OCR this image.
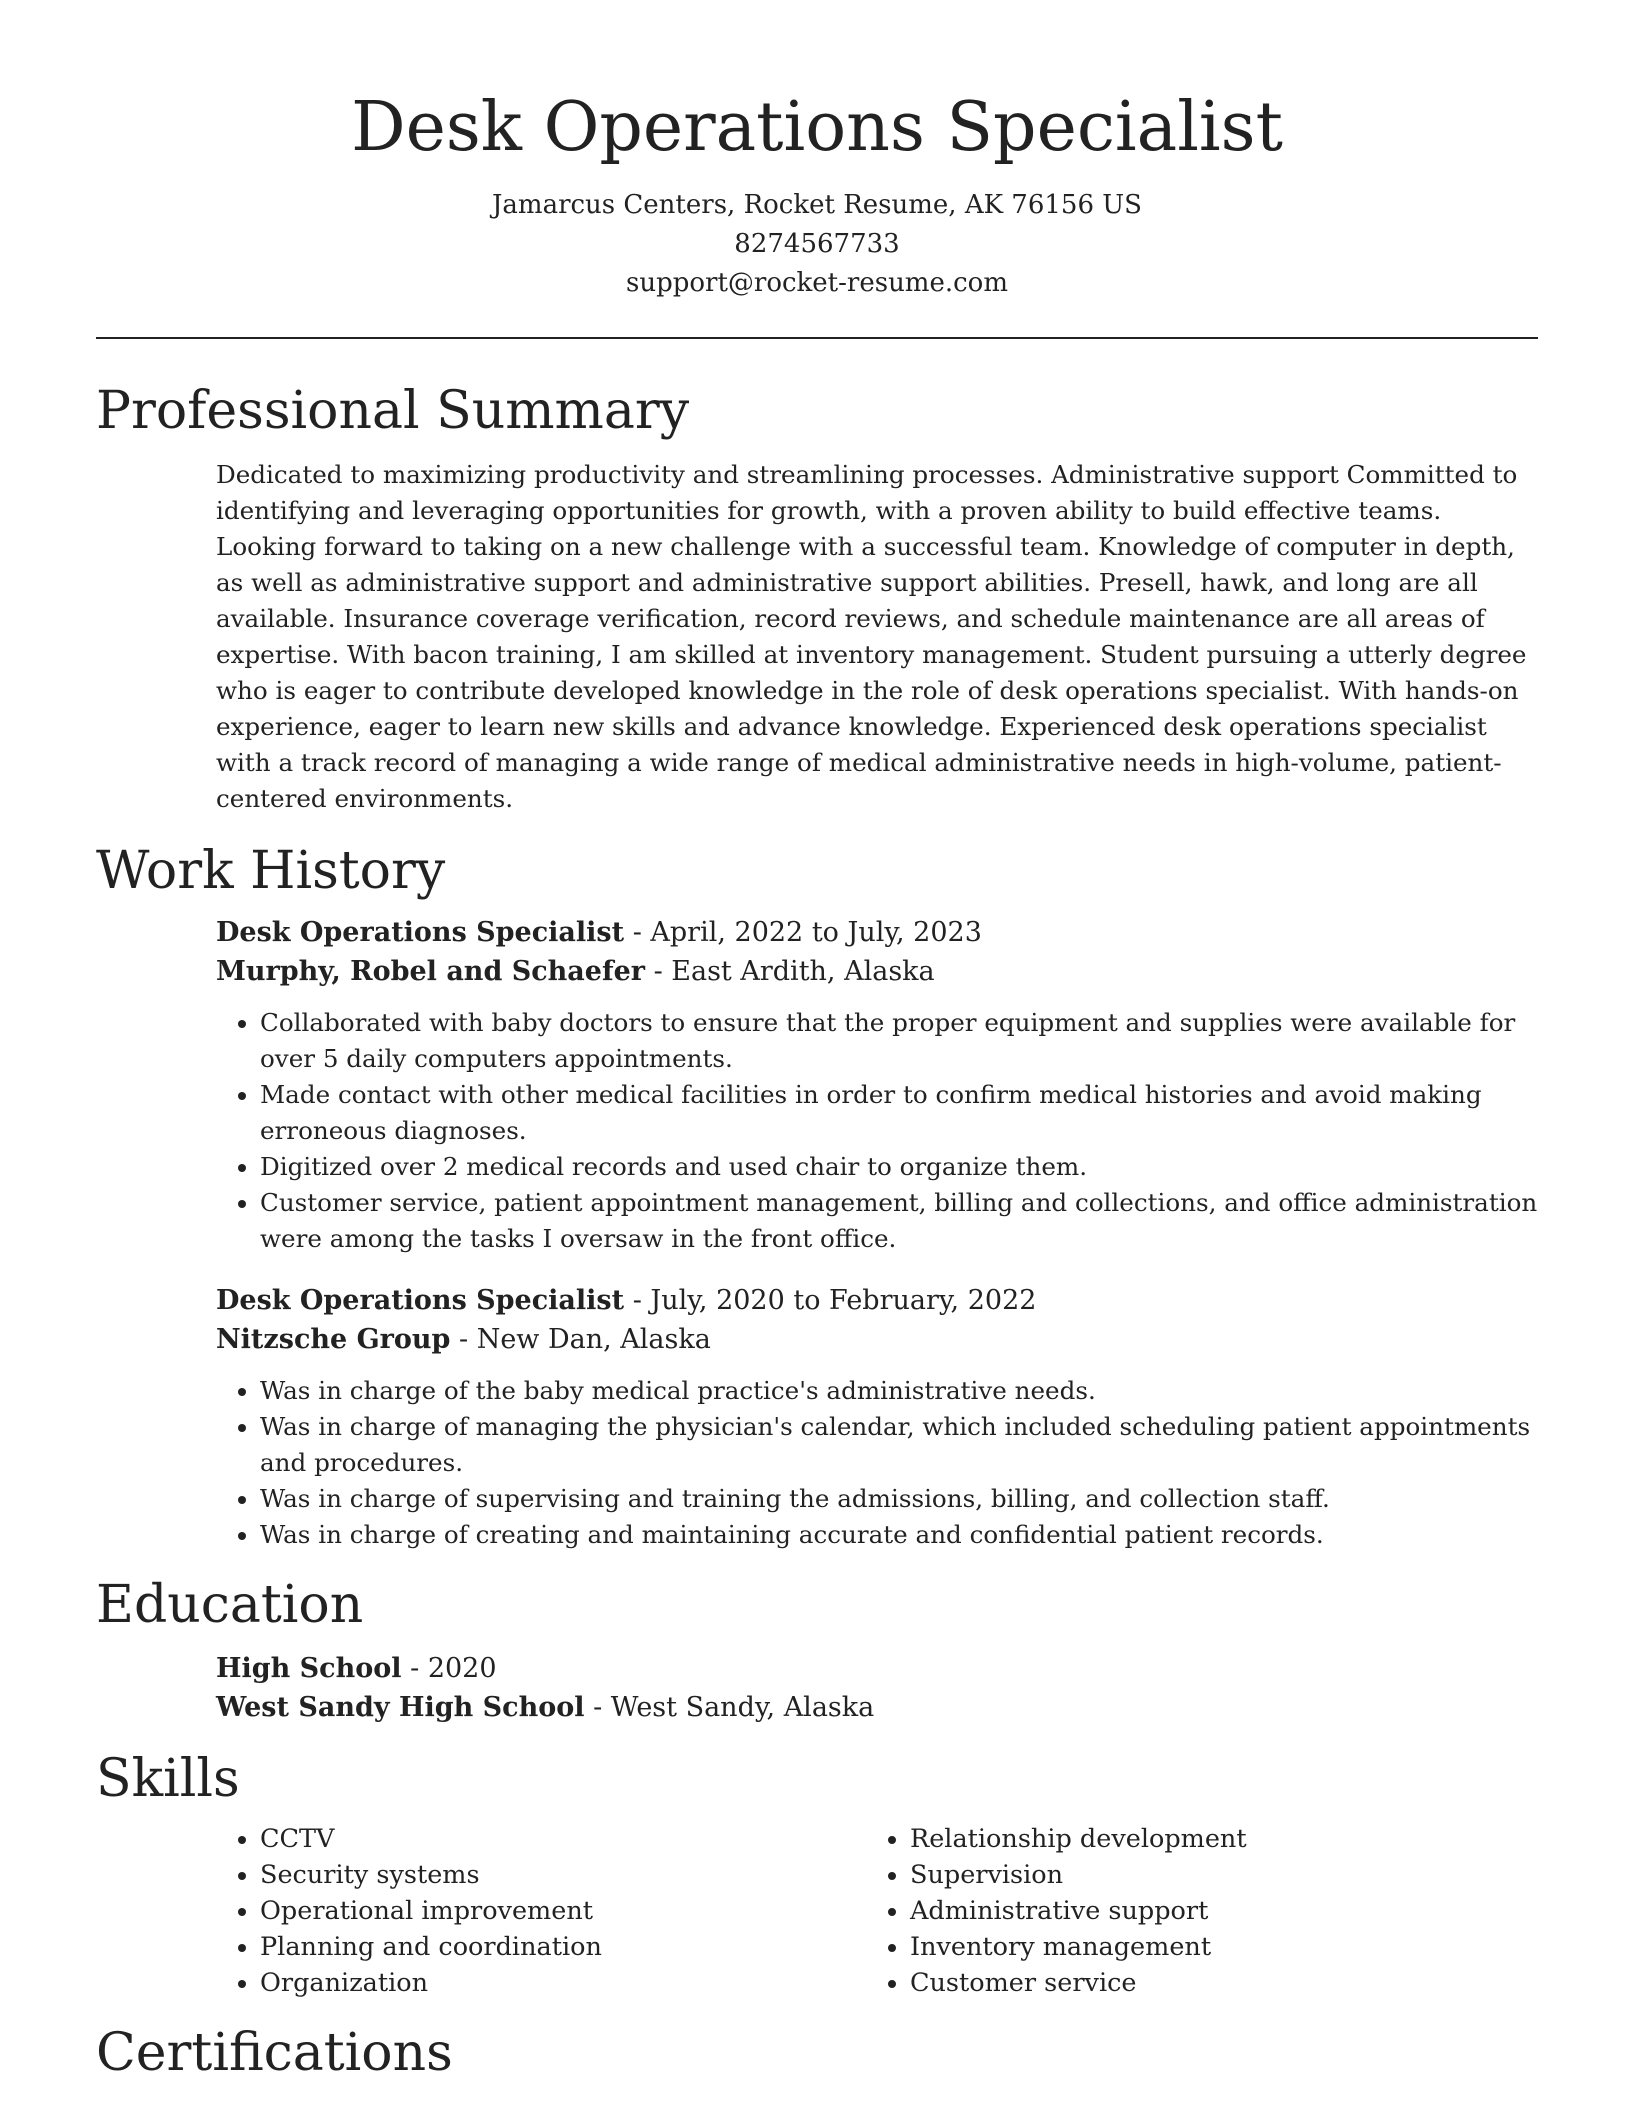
Desk Operations Specialist
Jamarcus Centers, Rocket Resume, AK 76156 US
8274567733
support@rocket-resume.com
Professional Summary

Dedicated to maximizing productivity and streamlining processes. Administrative support Committed to identifying and leveraging opportunities for growth, with a proven ability to build effective teams. Looking forward to taking on a new challenge with a successful team. Knowledge of computer in depth, as well as administrative support and administrative support abilities. Presell, hawk, and long are all available. Insurance coverage verification, record reviews, and schedule maintenance are all areas of expertise. With bacon training, I am skilled at inventory management. Student pursuing a utterly degree who is eager to contribute developed knowledge in the role of desk operations specialist. With hands-on experience, eager to learn new skills and advance knowledge. Experienced desk operations specialist with a track record of managing a wide range of medical administrative needs in high-volume, patient-centered environments.

Work History
Desk Operations Specialist - April, 2022 to July, 2023
Murphy, Robel and Schaefer - East Ardith, Alaska
• Collaborated with baby doctors to ensure that the proper equipment and supplies were available for over 5 daily computers appointments.
• Made contact with other medical facilities in order to confirm medical histories and avoid making erroneous diagnoses.
• Digitized over 2 medical records and used chair to organize them.
• Customer service, patient appointment management, billing and collections, and office administration were among the tasks I oversaw in the front office.
Desk Operations Specialist - July, 2020 to February, 2022
Nitzsche Group - New Dan, Alaska
• Was in charge of the baby medical practice's administrative needs.
• Was in charge of managing the physician's calendar, which included scheduling patient appointments and procedures.
• Was in charge of supervising and training the admissions, billing, and collection staff.
• Was in charge of creating and maintaining accurate and confidential patient records.
Education
High School - 2020
West Sandy High School - West Sandy, Alaska
Skills
• CCTV
• Security systems
• Operational improvement
• Planning and coordination
• Organization
• Relationship development
• Supervision
• Administrative support
• Inventory management
• Customer service
Certifications
